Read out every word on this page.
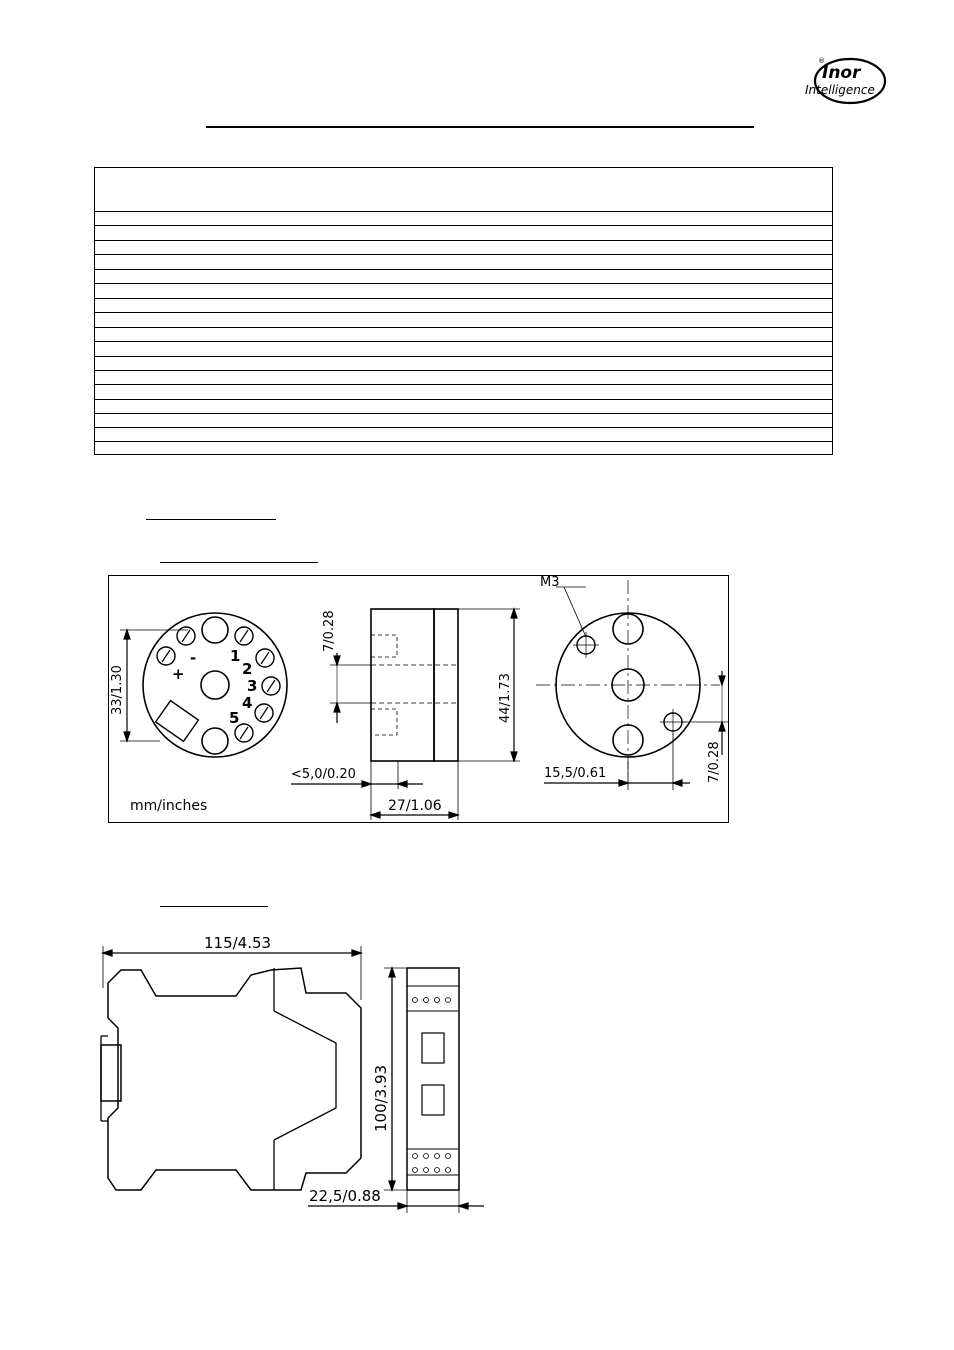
Inor
Intelligence
®
+
- 1
2
3
4
5
33/1.30
mm/inches
7/0.28
44/1.73
<5,0/0.20
27/1.06
M3
15,5/0.61	7/0.28
115/4.53
100/3.93
22,5/0.88
